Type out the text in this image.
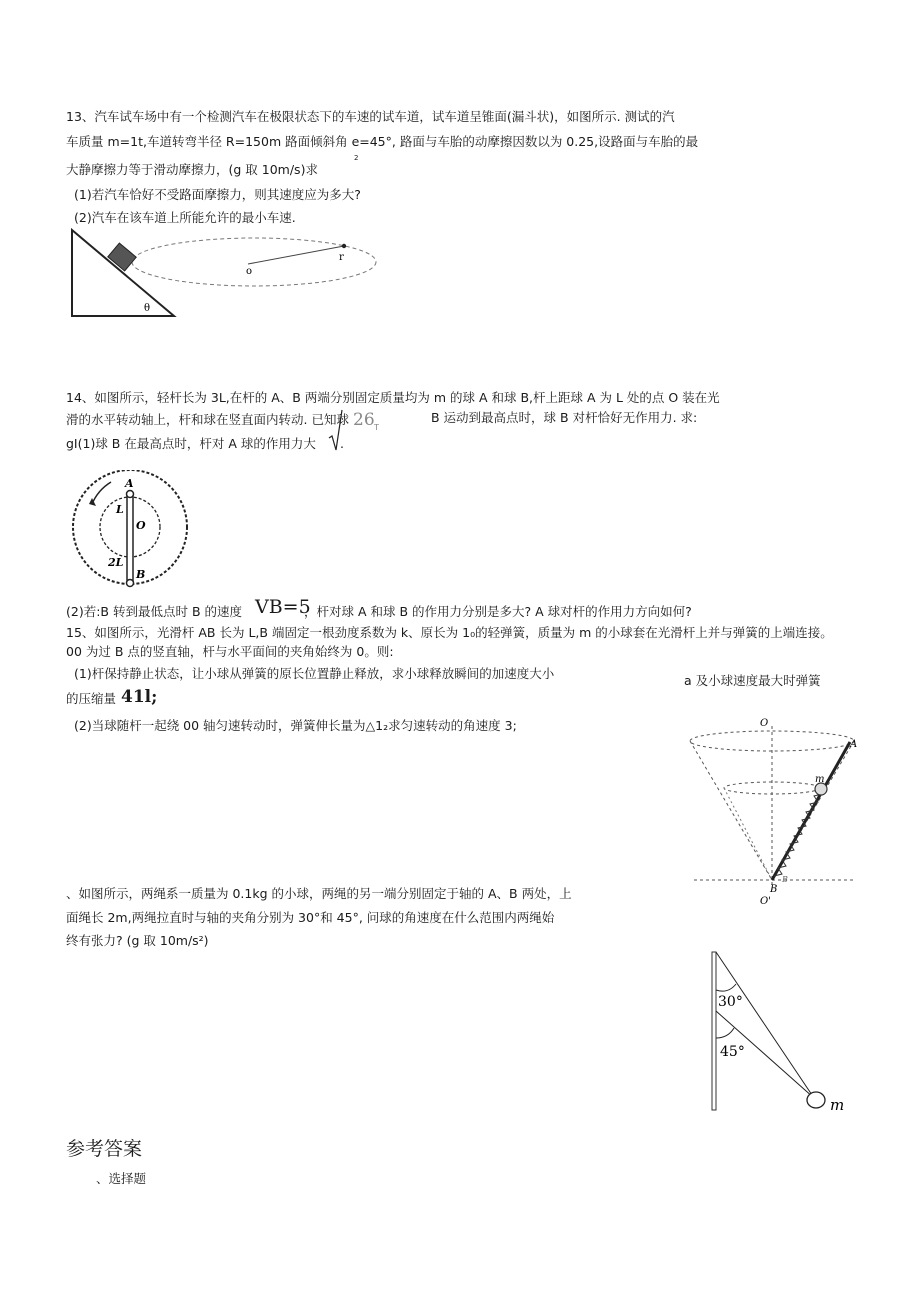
13、汽车试车场中有一个检测汽车在极限状态下的车速的试车道，试车道呈锥面(漏斗状)，如图所示. 测试的汽
车质量 m=1t,车道转弯半径 R=150m 路面倾斜角 e=45°, 路面与车胎的动摩擦因数以为 0.25,设路面与车胎的最
大静摩擦力等于滑动摩擦力，(g 取 10m/s)求
2
(1)若汽车恰好不受路面摩擦力，则其速度应为多大?
(2)汽车在该车道上所能允许的最小车速.
o
r
θ
14、如图所示，轻杆长为 3L,在杆的 A、B 两端分别固定质量均为 m 的球 A 和球 B,杆上距球 A 为 L 处的点 O 装在光
滑的水平转动轴上，杆和球在竖直面内转动. 已知球 26 T
B 运动到最高点时，球 B 对杆恰好无作用力. 求:
gI(1)球 B 在最高点时，杆对 A 球的作用力大 .
A
L
O
2L
B
(2)若:B 转到最低点时 B 的速度 VB=5
，杆对球 A 和球 B 的作用力分别是多大? A 球对杆的作用力方向如何?
15、如图所示，光滑杆 AB 长为 L,B 端固定一根劲度系数为 k、原长为 1₀的轻弹簧，质量为 m 的小球套在光滑杆上并与弹簧的上端连接。
00 为过 B 点的竖直轴，杆与水平面间的夹角始终为 0。则:
(1)杆保持静止状态，让小球从弹簧的原长位置静止释放，求小球释放瞬间的加速度大小	a 及小球速度最大时弹簧
的压缩量 41l;
(2)当球随杆一起绕 00 轴匀速转动时，弹簧伸长量为△1₂求匀速转动的角速度 3;	O
A
m
B
B
O'
、如图所示，两绳系一质量为 0.1kg 的小球，两绳的另一端分别固定于轴的 A、B 两处，上
面绳长 2m,两绳拉直时与轴的夹角分别为 30°和 45°, 问球的角速度在什么范围内两绳始
终有张力? (g 取 10m/s²)
30°
45°
m
参考答案
、选择题
